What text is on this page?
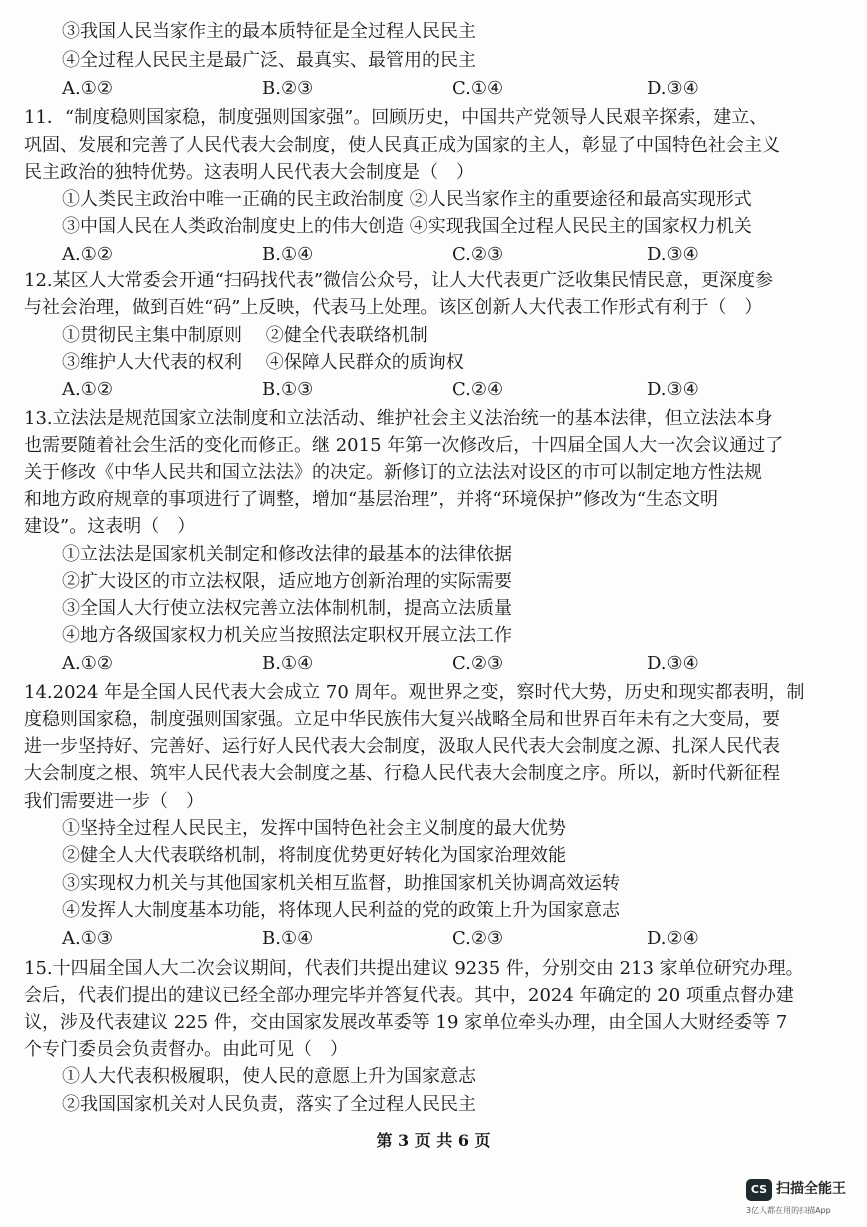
③我国人民当家作主的最本质特征是全过程人民民主
④全过程人民民主是最广泛、最真实、最管用的民主
A.①②	B.②③	C.①④	D.③④
11．“制度稳则国家稳，制度强则国家强”。回顾历史，中国共产党领导人民艰辛探索，建立、
巩固、发展和完善了人民代表大会制度，使人民真正成为国家的主人，彰显了中国特色社会主义
民主政治的独特优势。这表明人民代表大会制度是（　）
①人类民主政治中唯一正确的民主政治制度 ②人民当家作主的重要途径和最高实现形式
③中国人民在人类政治制度史上的伟大创造 ④实现我国全过程人民民主的国家权力机关
A.①②	B.①④	C.②③	D.③④
12.某区人大常委会开通“扫码找代表”微信公众号，让人大代表更广泛收集民情民意，更深度参
与社会治理，做到百姓“码”上反映，代表马上处理。该区创新人大代表工作形式有利于（　）
①贯彻民主集中制原则　 ②健全代表联络机制
③维护人大代表的权利　 ④保障人民群众的质询权
A.①②	B.①③	C.②④	D.③④
13.立法法是规范国家立法制度和立法活动、维护社会主义法治统一的基本法律，但立法法本身
也需要随着社会生活的变化而修正。继 2015 年第一次修改后，十四届全国人大一次会议通过了
关于修改《中华人民共和国立法法》的决定。新修订的立法法对设区的市可以制定地方性法规
和地方政府规章的事项进行了调整，增加“基层治理”，并将“环境保护”修改为“生态文明
建设”。这表明（　）
①立法法是国家机关制定和修改法律的最基本的法律依据
②扩大设区的市立法权限，适应地方创新治理的实际需要
③全国人大行使立法权完善立法体制机制，提高立法质量
④地方各级国家权力机关应当按照法定职权开展立法工作
A.①②	B.①④	C.②③	D.③④
14.2024 年是全国人民代表大会成立 70 周年。观世界之变，察时代大势，历史和现实都表明，制
度稳则国家稳，制度强则国家强。立足中华民族伟大复兴战略全局和世界百年未有之大变局，要
进一步坚持好、完善好、运行好人民代表大会制度，汲取人民代表大会制度之源、扎深人民代表
大会制度之根、筑牢人民代表大会制度之基、行稳人民代表大会制度之序。所以，新时代新征程
我们需要进一步（　）
①坚持全过程人民民主，发挥中国特色社会主义制度的最大优势
②健全人大代表联络机制，将制度优势更好转化为国家治理效能
③实现权力机关与其他国家机关相互监督，助推国家机关协调高效运转
④发挥人大制度基本功能，将体现人民利益的党的政策上升为国家意志
A.①③	B.①④	C.②③	D.②④
15.十四届全国人大二次会议期间，代表们共提出建议 9235 件，分别交由 213 家单位研究办理。
会后，代表们提出的建议已经全部办理完毕并答复代表。其中，2024 年确定的 20 项重点督办建
议，涉及代表建议 225 件，交由国家发展改革委等 19 家单位牵头办理，由全国人大财经委等 7
个专门委员会负责督办。由此可见（　）
①人大代表积极履职，使人民的意愿上升为国家意志
②我国国家机关对人民负责，落实了全过程人民民主
第 3 页 共 6 页
CS 扫描全能王
3亿人都在用的扫描App
